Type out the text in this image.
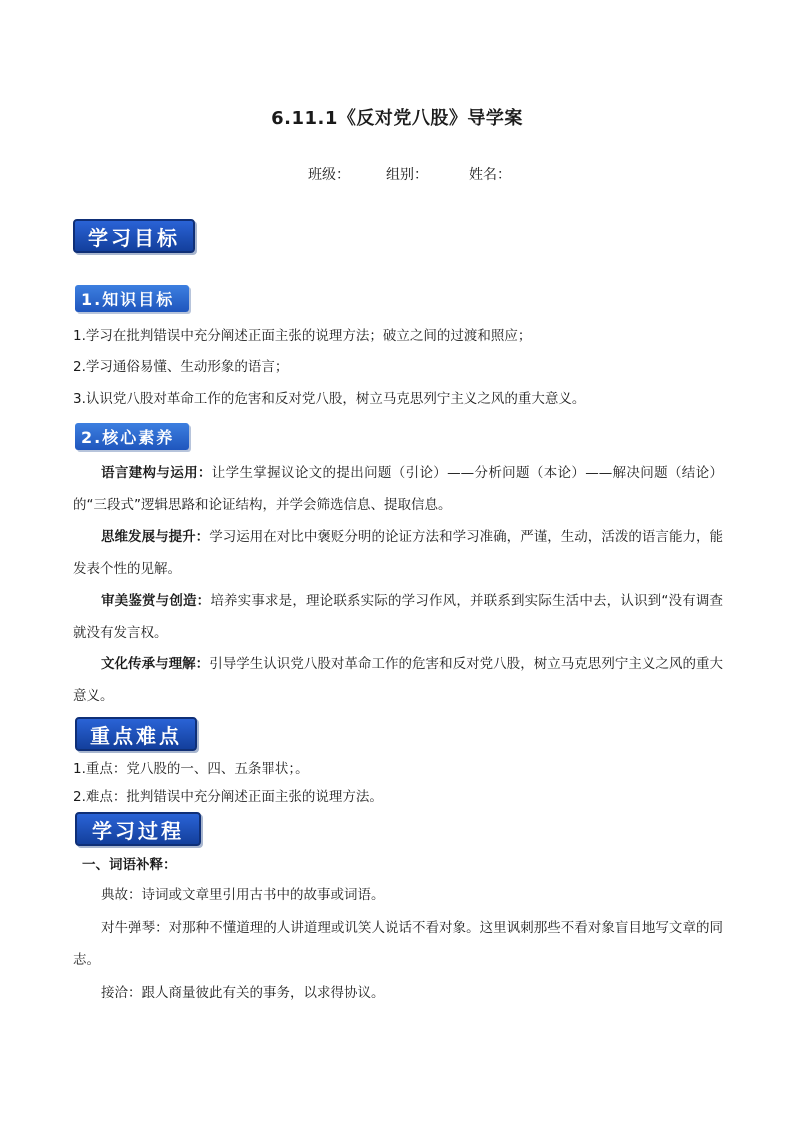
6.11.1《反对党八股》导学案
班级：	组别：	姓名：
学习目标
1.知识目标
1.学习在批判错误中充分阐述正面主张的说理方法；破立之间的过渡和照应；
2.学习通俗易懂、生动形象的语言；
3.认识党八股对革命工作的危害和反对党八股，树立马克思列宁主义之风的重大意义。
2.核心素养
语言建构与运用：让学生掌握议论文的提出问题（引论）——分析问题（本论）——解决问题（结论）的“三段式”逻辑思路和论证结构，并学会筛选信息、提取信息。
思维发展与提升：学习运用在对比中褒贬分明的论证方法和学习准确，严谨，生动，活泼的语言能力，能发表个性的见解。
审美鉴赏与创造：培养实事求是，理论联系实际的学习作风，并联系到实际生活中去，认识到“没有调查就没有发言权。
文化传承与理解：引导学生认识党八股对革命工作的危害和反对党八股，树立马克思列宁主义之风的重大意义。
重点难点
1.重点：党八股的一、四、五条罪状；。
2.难点：批判错误中充分阐述正面主张的说理方法。
学习过程
一、词语补释：
典故：诗词或文章里引用古书中的故事或词语。
对牛弹琴：对那种不懂道理的人讲道理或讥笑人说话不看对象。这里讽刺那些不看对象盲目地写文章的同志。
接洽：跟人商量彼此有关的事务，以求得协议。
